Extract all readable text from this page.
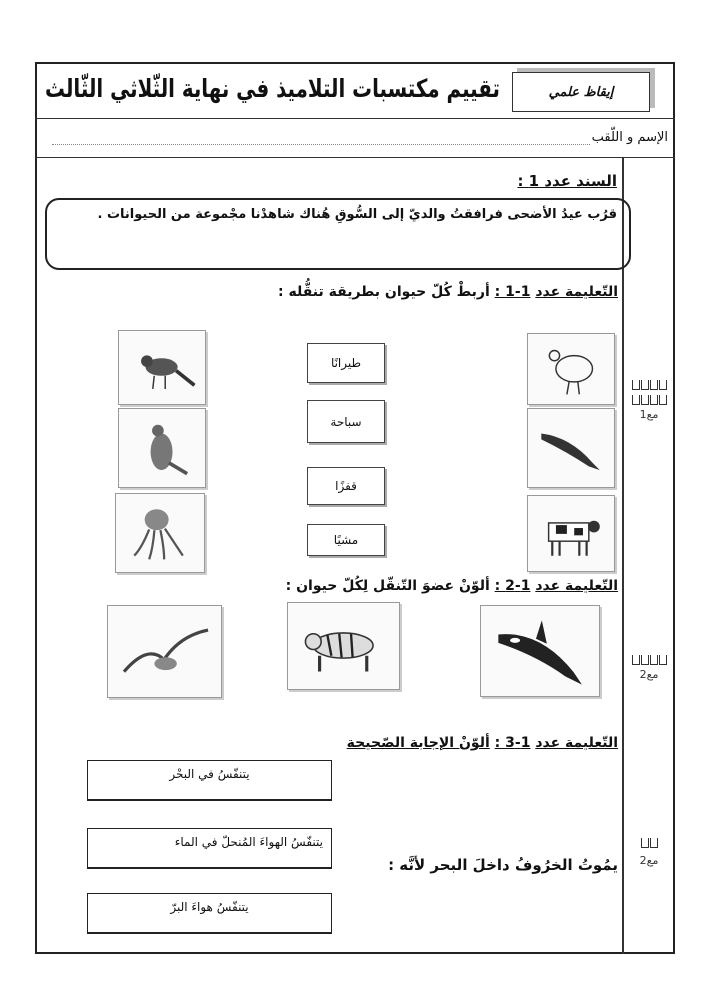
تقييم مكتسبات التلاميذ في نهاية الثّلاثي الثّالث	إيقاظ علمي
الإسم و اللّقب
السند عدد 1 :
قرُب عيدُ الأضحى فرافقتُ والديّ إلى السُّوقِ هُناك شاهدْنا مجْموعة من الحيوانات .
التّعليمة عدد 1-1 : أربطْ كُلّ حيوان بطريقة تنقُّله :
طيرانًا
سباحة
قفزًا
مشيًا
التّعليمة عدد 1-2 : ألوّنْ عضوَ التّنقّل لِكُلّ حيوان :
التّعليمة عدد 1-3 : ألوّنْ الإجابة الصّحيحة
يتنفّسُ في البحْر
يتنفّسُ الهواءَ المُنحلّ في الماء
يتنفّسُ هواءَ البرّ
يمُوتُ الخرُوفُ داخلَ البحر لأنَّه :
مع1
مع2
مع2
